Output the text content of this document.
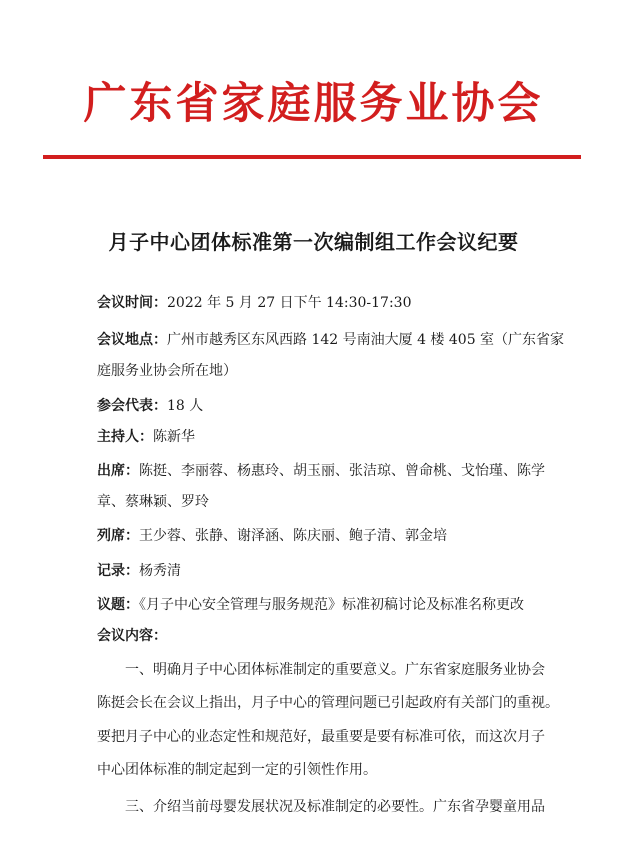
广东省家庭服务业协会
月子中心团体标准第一次编制组工作会议纪要
会议时间：2022 年 5 月 27 日下午 14:30-17:30
会议地点：广州市越秀区东风西路 142 号南油大厦 4 楼 405 室（广东省家
庭服务业协会所在地）
参会代表：18 人
主持人：陈新华
出席：陈挺、李丽蓉、杨惠玲、胡玉丽、张洁琼、曾命桃、戈怡瑾、陈学
章、蔡琳颖、罗玲
列席：王少蓉、张静、谢泽涵、陈庆丽、鲍子清、郭金培
记录：杨秀清
议题：《月子中心安全管理与服务规范》标准初稿讨论及标准名称更改
会议内容：
　　一、明确月子中心团体标准制定的重要意义。广东省家庭服务业协会
陈挺会长在会议上指出，月子中心的管理问题已引起政府有关部门的重视。
要把月子中心的业态定性和规范好，最重要是要有标准可依，而这次月子
中心团体标准的制定起到一定的引领性作用。
　　三、介绍当前母婴发展状况及标准制定的必要性。广东省孕婴童用品
